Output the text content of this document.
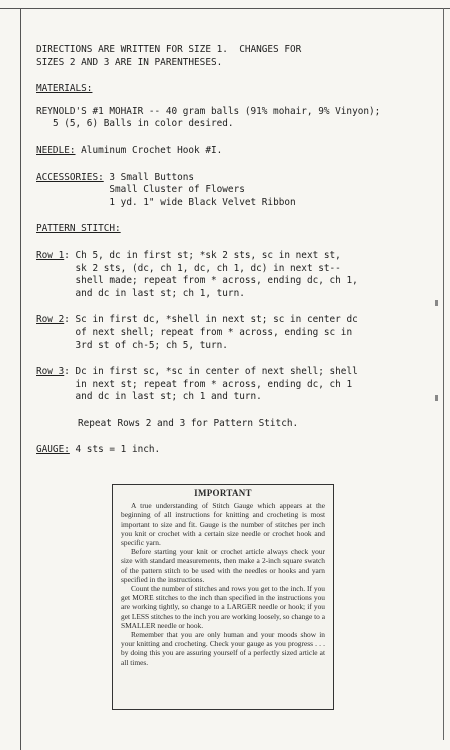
DIRECTIONS ARE WRITTEN FOR SIZE 1.  CHANGES FOR

SIZES 2 AND 3 ARE IN PARENTHESES.

MATERIALS:

REYNOLD'S #1 MOHAIR -- 40 gram balls (91% mohair, 9% Vinyon);

5 (5, 6) Balls in color desired.

NEEDLE: Aluminum Crochet Hook #I.

ACCESSORIES:
3 Small Buttons

Small Cluster of Flowers

1 yd. 1" wide Black Velvet Ribbon

PATTERN STITCH:

Row 1 : Ch 5, dc in first st; *sk 2 sts, sc in next st,

sk 2 sts, (dc, ch 1, dc, ch 1, dc) in next st--

shell made; repeat from * across, ending dc, ch 1,

and dc in last st; ch 1, turn.

Row 2 : Sc in first dc, *shell in next st; sc in center dc

of next shell; repeat from * across, ending sc in

3rd st of ch-5; ch 5, turn.

Row 3 : Dc in first sc, *sc in center of next shell; shell

in next st; repeat from * across, ending dc, ch 1

and dc in last st; ch 1 and turn.

Repeat Rows 2 and 3 for Pattern Stitch.

GAUGE: 4 sts = 1 inch.

IMPORTANT

A true understanding of Stitch Gauge which appears at the beginning of all instructions for knitting and crocheting is most important to size and fit. Gauge is the number of stitches per inch you knit or crochet with a certain size needle or crochet hook and specific yarn.

Before starting your knit or crochet article always check your size with standard measurements, then make a 2-inch square swatch of the pattern stitch to be used with the needles or hooks and yarn specified in the instructions.

Count the number of stitches and rows you get to the inch. If you get MORE stitches to the inch than specified in the instructions you are working tightly, so change to a LARGER needle or hook; if you get LESS stitches to the inch you are working loosely, so change to a SMALLER needle or hook.

Remember that you are only human and your moods show in your knitting and crocheting. Check your gauge as you progress . . . by doing this you are assuring yourself of a perfectly sized article at all times.
